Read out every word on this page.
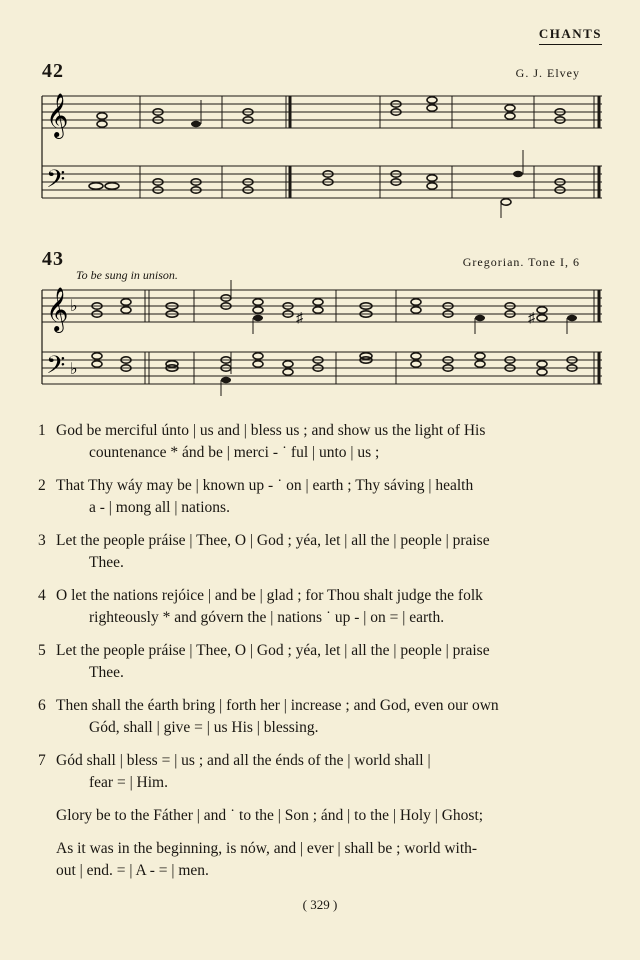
CHANTS
42	G. J. Elvey
𝄞
𝄢
43	Gregorian. Tone I, 6
To be sung in unison.
𝄞 ♭
𝄢 ♭
♯	♯
1 God be merciful únto | us and | bless us ; and show us the light of His
countenance * ánd be | merci - ˙ ful | unto | us ;
2 That Thy wáy may be | known up - ˙ on | earth ; Thy sáving | health
a - | mong all | nations.
3 Let the people práise | Thee, O | God ; yéa, let | all the | people | praise
Thee.
4 O let the nations rejóice | and be | glad ; for Thou shalt judge the folk
righteously * and góvern the | nations ˙ up - | on = | earth.
5 Let the people práise | Thee, O | God ; yéa, let | all the | people | praise
Thee.
6 Then shall the éarth bring | forth her | increase ; and God, even our own
Gód, shall | give = | us His | blessing.
7 Gód shall | bless = | us ; and all the énds of the | world shall |
fear = | Him.
Glory be to the Fáther | and ˙ to the | Son ; ánd | to the | Holy | Ghost;
As it was in the beginning, is nów, and | ever | shall be ; world with-
out | end. = | A - = | men.
( 329 )
